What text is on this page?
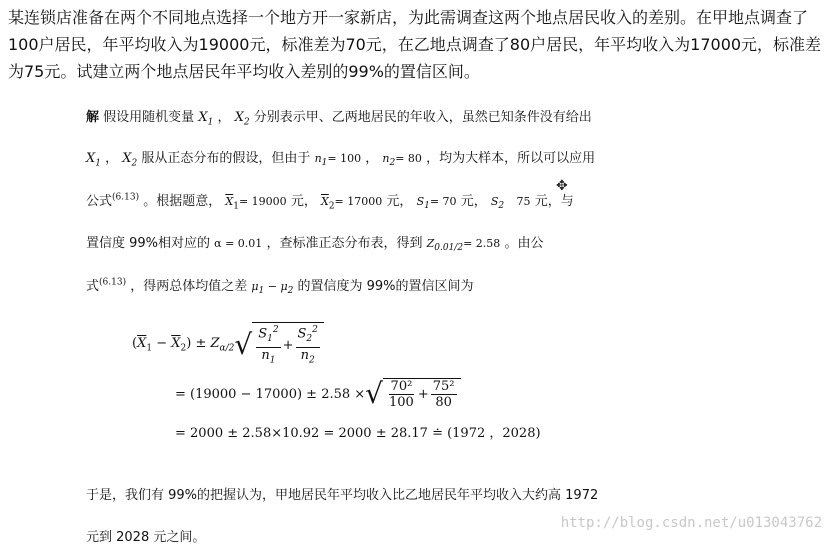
某连锁店准备在两个不同地点选择一个地方开一家新店，为此需调查这两个地点居民收入的差别。在甲地点调查了100户居民，年平均收入为19000元，标准差为70元，在乙地点调查了80户居民，年平均收入为17000元，标准差为75元。试建立两个地点居民年平均收入差别的99%的置信区间。
解 假设用随机变量 $X_1$ ， $X_2$ 分别表示甲、乙两地居民的年收入，虽然已知条件没有给出
$X_1$ ， $X_2$ 服从正态分布的假设，但由于 $n_1= 100$ ， $n_2= 80$ ，均为大样本，所以可以应用
公式$^{(6.13)}$ 。根据题意， $\overline{X}_1= 19000$ 元， $\overline{X}_2= 17000$ 元， $S_1= 70$ 元， $S_2$ 75 元，与
✥
置信度 99%相对应的 α = 0.01 ，查标准正态分布表，得到 $Z_{0.01/2}= 2.58$ 。由公
式$^{(6.13)}$ ，得两总体均值之差 $\mu_1 - \mu_2$ 的置信度为 99%的置信区间为
$(\overline{X}_1 - \overline{X}_2) \pm Z_{\alpha/2}$ √ $\frac{S_1^2}{n_1} + \frac{S_2^2}{n_2}$
= (19000 − 17000) ± 2.58 × √ $\frac{\text{70²}}{100} + \frac{\text{75²}}{80}$
= 2000 ± 2.58×10.92 = 2000 ± 28.17 ≐ (1972 ，2028)
于是，我们有 99%的把握认为，甲地居民年平均收入比乙地居民年平均收入大约高 1972
元到 2028 元之间。
http://blog.csdn.net/u013043762
